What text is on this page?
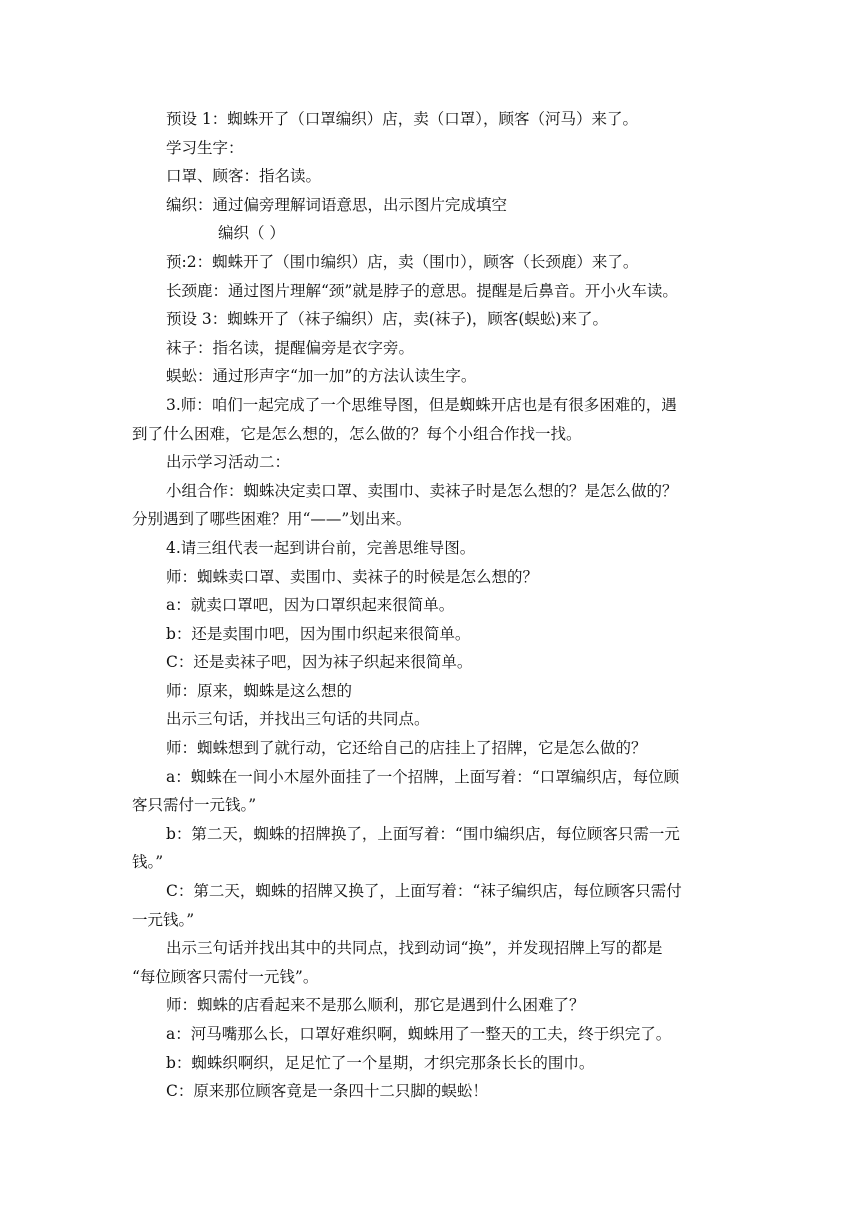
预设 1：蜘蛛开了（口罩编织）店，卖（口罩），顾客（河马）来了。
学习生字：
口罩、顾客：指名读。
编织：通过偏旁理解词语意思，出示图片完成填空
编织（ ）
预:2：蜘蛛开了（围巾编织）店，卖（围巾），顾客（长颈鹿）来了。
长颈鹿：通过图片理解“颈”就是脖子的意思。提醒是后鼻音。开小火车读。
预设 3：蜘蛛开了（袜子编织）店，卖(袜子)，顾客(蜈蚣)来了。
袜子：指名读，提醒偏旁是衣字旁。
蜈蚣：通过形声字“加一加”的方法认读生字。
3.师：咱们一起完成了一个思维导图，但是蜘蛛开店也是有很多困难的，遇
到了什么困难，它是怎么想的，怎么做的？每个小组合作找一找。
出示学习活动二：
小组合作：蜘蛛决定卖口罩、卖围巾、卖袜子时是怎么想的？是怎么做的？
分别遇到了哪些困难？用“——”划出来。
4.请三组代表一起到讲台前，完善思维导图。
师：蜘蛛卖口罩、卖围巾、卖袜子的时候是怎么想的？
a：就卖口罩吧，因为口罩织起来很简单。
b：还是卖围巾吧，因为围巾织起来很简单。
C：还是卖袜子吧，因为袜子织起来很简单。
师：原来，蜘蛛是这么想的
出示三句话，并找出三句话的共同点。
师：蜘蛛想到了就行动，它还给自己的店挂上了招牌，它是怎么做的？
a：蜘蛛在一间小木屋外面挂了一个招牌，上面写着：“口罩编织店，每位顾
客只需付一元钱。”
b：第二天，蜘蛛的招牌换了，上面写着：“围巾编织店，每位顾客只需一元
钱。”
C：第二天，蜘蛛的招牌又换了，上面写着：“袜子编织店，每位顾客只需付
一元钱。”
出示三句话并找出其中的共同点，找到动词“换”，并发现招牌上写的都是
“每位顾客只需付一元钱”。
师：蜘蛛的店看起来不是那么顺利，那它是遇到什么困难了？
a：河马嘴那么长，口罩好难织啊，蜘蛛用了一整天的工夫，终于织完了。
b：蜘蛛织啊织，足足忙了一个星期，才织完那条长长的围巾。
C：原来那位顾客竟是一条四十二只脚的蜈蚣！
